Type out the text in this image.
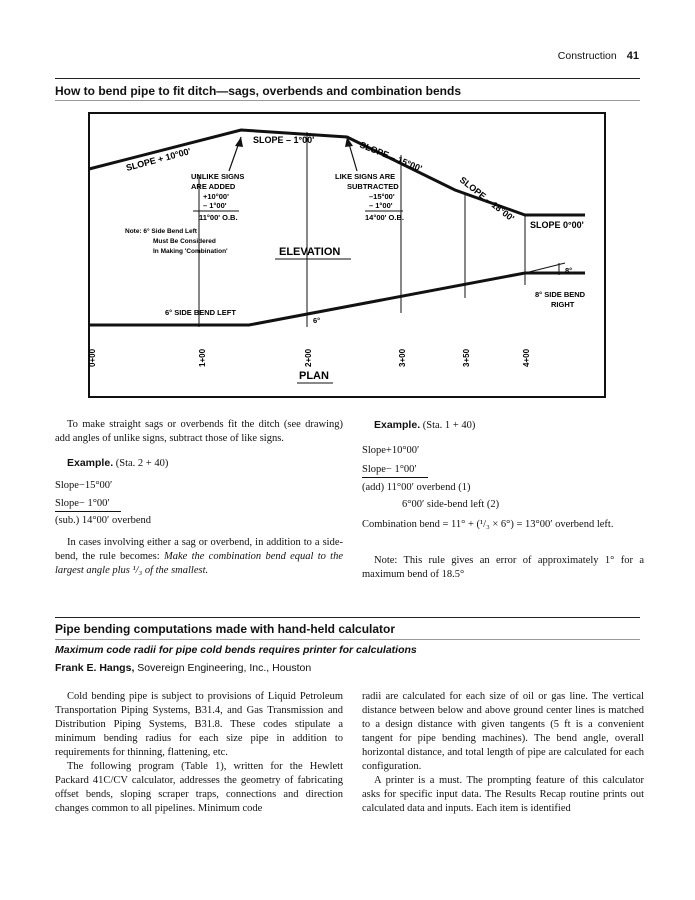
Construction 41
How to bend pipe to fit ditch—sags, overbends and combination bends
SLOPE + 10°00'
SLOPE – 1°00'	SLOPE – 15°00'
SLOPE – 18°00'
SLOPE 0°00'
UNLIKE SIGNS
ARE ADDED
+10°00'
– 1°00'
11°00' O.B.
LIKE SIGNS ARE
SUBTRACTED
–15°00'
– 1°00'
14°00' O.B.
Note: 6° Side Bend Left
Must Be Considered
In Making 'Combination'	ELEVATION
6° SIDE BEND LEFT
6°
8°
8° SIDE BEND
RIGHT
PLAN
0+00	1+00	2+00	3+00	3+50	4+00

To make straight sags or overbends fit the ditch (see drawing) add angles of unlike signs, subtract those of like signs.

Example. (Sta. 2 + 40)

Slope−15°00′

Slope− 1°00′

(sub.) 14°00′ overbend

In cases involving either a sag or overbend, in addition to a side-bend, the rule becomes: Make the combination bend equal to the largest angle plus ¹/₃ of the smallest.

Example. (Sta. 1 + 40)

Slope+10°00′

Slope− 1°00′

(add) 11°00′ overbend (1)

6°00′ side-bend left (2)

Combination bend = 11° + (¹/₃ × 6°) = 13°00′ overbend left.

Note: This rule gives an error of approximately 1° for a maximum bend of 18.5°

Pipe bending computations made with hand-held calculator
Maximum code radii for pipe cold bends requires printer for calculations
Frank E. Hangs, Sovereign Engineering, Inc., Houston

Cold bending pipe is subject to provisions of Liquid Petroleum Transportation Piping Systems, B31.4, and Gas Transmission and Distribution Piping Systems, B31.8. These codes stipulate a minimum bending radius for each size pipe in addition to requirements for thinning, flattening, etc.

The following program (Table 1), written for the Hewlett Packard 41C/CV calculator, addresses the geometry of fabricating offset bends, sloping scraper traps, connections and direction changes common to all pipelines. Minimum code

radii are calculated for each size of oil or gas line. The vertical distance between below and above ground center lines is matched to a design distance with given tangents (5 ft is a convenient tangent for pipe bending machines). The bend angle, overall horizontal distance, and total length of pipe are calculated for each configuration.

A printer is a must. The prompting feature of this calculator asks for specific input data. The Results Recap routine prints out calculated data and inputs. Each item is identified
